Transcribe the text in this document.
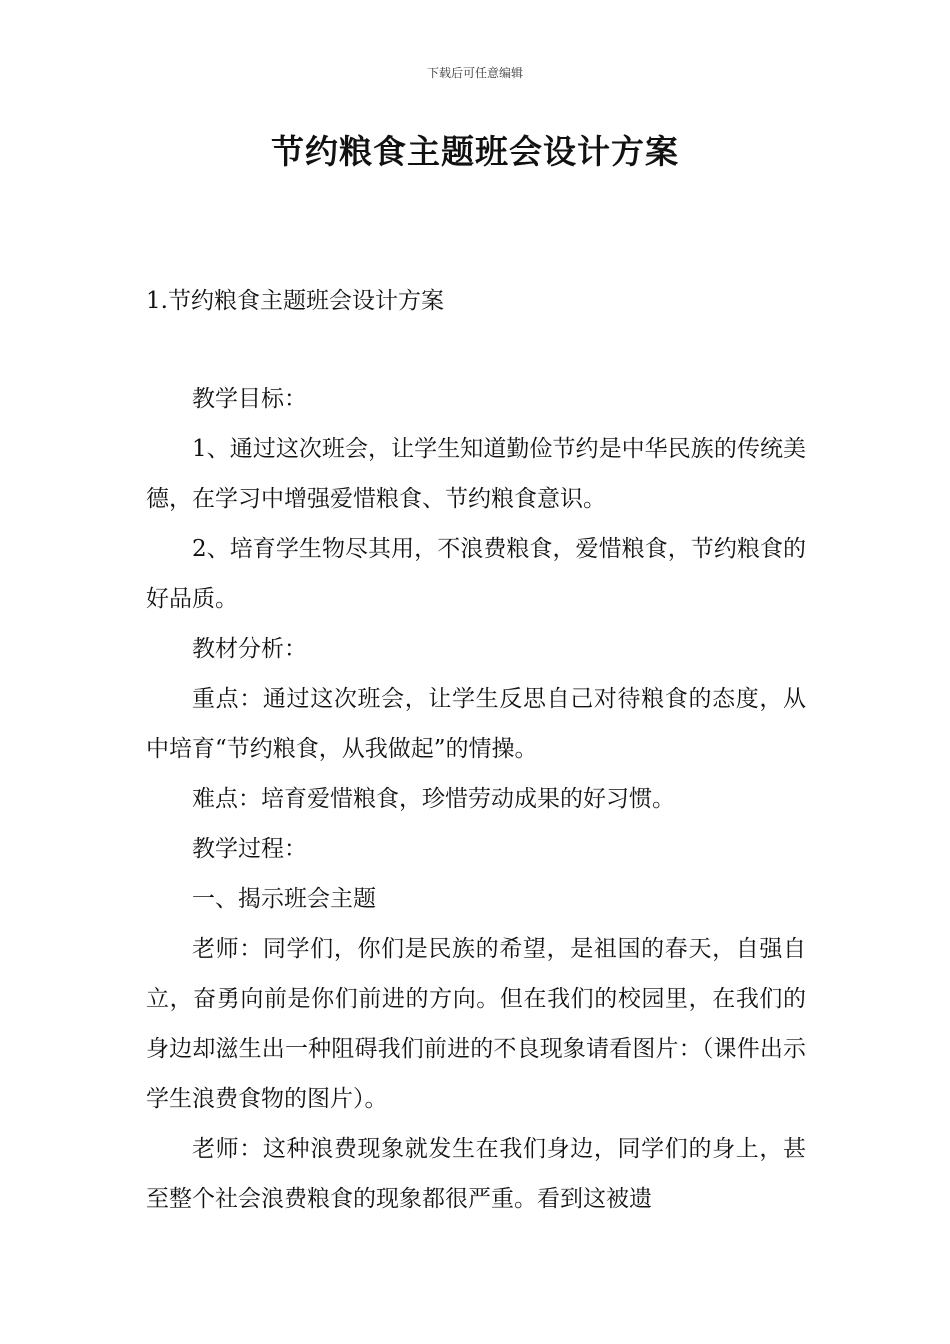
下载后可任意编辑
节约粮食主题班会设计方案
1.节约粮食主题班会设计方案

教学目标：

1、通过这次班会，让学生知道勤俭节约是中华民族的传统美德，在学习中增强爱惜粮食、节约粮食意识。

2、培育学生物尽其用，不浪费粮食，爱惜粮食，节约粮食的好品质。

教材分析：

重点：通过这次班会，让学生反思自己对待粮食的态度，从中培育“节约粮食，从我做起”的情操。

难点：培育爱惜粮食，珍惜劳动成果的好习惯。

教学过程：

一、揭示班会主题

老师：同学们，你们是民族的希望，是祖国的春天，自强自立，奋勇向前是你们前进的方向。但在我们的校园里，在我们的身边却滋生出一种阻碍我们前进的不良现象请看图片：（课件出示学生浪费食物的图片）。

老师：这种浪费现象就发生在我们身边，同学们的身上，甚至整个社会浪费粮食的现象都很严重。看到这被遗
